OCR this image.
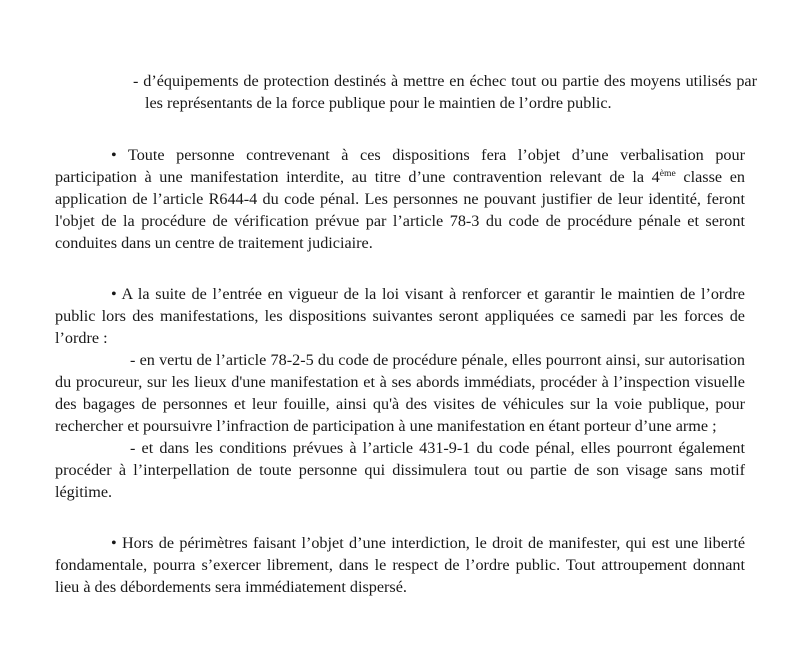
- d’équipements de protection destinés à mettre en échec tout ou partie des moyens utilisés par les représentants de la force publique pour le maintien de l’ordre public.

• Toute personne contrevenant à ces dispositions fera l’objet d’une verbalisation pour participation à une manifestation interdite, au titre d’une contravention relevant de la 4ème classe en application de l’article R644-4 du code pénal. Les personnes ne pouvant justifier de leur identité, feront l'objet de la procédure de vérification prévue par l’article 78-3 du code de procédure pénale et seront conduites dans un centre de traitement judiciaire.

• A la suite de l’entrée en vigueur de la loi visant à renforcer et garantir le maintien de l’ordre public lors des manifestations, les dispositions suivantes seront appliquées ce samedi par les forces de l’ordre :

- en vertu de l’article 78-2-5 du code de procédure pénale, elles pourront ainsi, sur autorisation du procureur, sur les lieux d'une manifestation et à ses abords immédiats, procéder à l’inspection visuelle des bagages de personnes et leur fouille, ainsi qu'à des visites de véhicules sur la voie publique, pour rechercher et poursuivre l’infraction de participation à une manifestation en étant porteur d’une arme ;

- et dans les conditions prévues à l’article 431-9-1 du code pénal, elles pourront également procéder à l’interpellation de toute personne qui dissimulera tout ou partie de son visage sans motif légitime.

• Hors de périmètres faisant l’objet d’une interdiction, le droit de manifester, qui est une liberté fondamentale, pourra s’exercer librement, dans le respect de l’ordre public. Tout attroupement donnant lieu à des débordements sera immédiatement dispersé.
